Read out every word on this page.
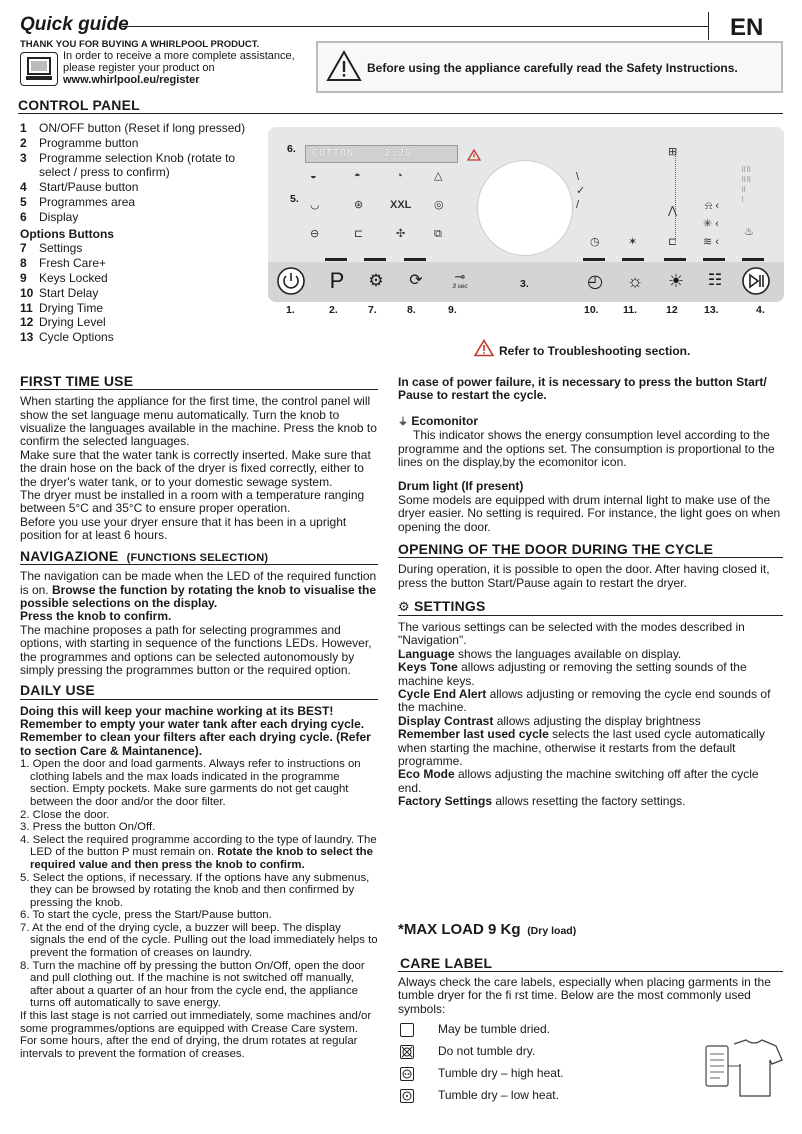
Quick guide	EN
THANK YOU FOR BUYING A WHIRLPOOL PRODUCT.
In order to receive a more complete assistance,
please register your product on
www.whirlpool.eu/register
Before using the appliance carefully read the Safety Instructions.
CONTROL PANEL
1	ON/OFF button (Reset if long pressed)
2	Programme button
3	Programme selection Knob (rotate to select / press to confirm)
4	Start/Pause button
5	Programmes area
6	Display
Options Buttons
7	Settings
8	Fresh Care+
9	Keys Locked
10 Start Delay
11 Drying Time
12 Drying Level
13 Cycle Options
6. COTTON	2:20
5.
◒	◓	◔	△
◡	⊛ XXL ◎
⊖	⊏	✣	⧉
\
✓
/
⊞
⋀
⊏
⍾ ‹
✳ ‹
≋ ‹
⠿⠿
⠿⠿
⠿
⠇
♨
◷	✶
P	⚙ ⟳ ⊸
3 sec	3.	◴ ☼ ☀ ☷
1.	2.	7.	8.	9.	10. 11.	12	13.	4.
Refer to Troubleshooting section.
FIRST TIME USE
When starting the appliance for the first time, the control panel will show the set language menu automatically. Turn the knob to visualize the languages available in the machine. Press the knob to confirm the selected languages.
Make sure that the water tank is correctly inserted. Make sure that the drain hose on the back of the dryer is fixed correctly, either to the dryer's water tank, or to your domestic sewage system.
The dryer must be installed in a room with a temperature ranging between 5°C and 35°C to ensure proper operation.
Before you use your dryer ensure that it has been in a upright position for at least 6 hours.
NAVIGAZIONE (FUNCTIONS SELECTION)
The navigation can be made when the LED of the required function is on. Browse the function by rotating the knob to visualise the possible selections on the display.
Press the knob to confirm.
The machine proposes a path for selecting programmes and options, with starting in sequence of the functions LEDs. However, the programmes and options can be selected autonomously by simply pressing the programmes button or the required option.
DAILY USE
Doing this will keep your machine working at its BEST! Remember to empty your water tank after each drying cycle. Remember to clean your filters after each drying cycle. (Refer to section Care & Maintanence).
1. Open the door and load garments. Always refer to instructions on clothing labels and the max loads indicated in the programme section. Empty pockets. Make sure garments do not get caught between the door and/or the door filter.
2. Close the door.
3. Press the button On/Off.
4. Select the required programme according to the type of laundry. The LED of the button P must remain on. Rotate the knob to select the required value and then press the knob to confirm.
5. Select the options, if necessary. If the options have any submenus, they can be browsed by rotating the knob and then confirmed by pressing the knob.
6. To start the cycle, press the Start/Pause button.
7. At the end of the drying cycle, a buzzer will beep. The display signals the end of the cycle. Pulling out the load immediately helps to prevent the formation of creases on laundry.
8. Turn the machine off by pressing the button On/Off, open the door and pull clothing out. If the machine is not switched off manually, after about a quarter of an hour from the cycle end, the appliance turns off automatically to save energy.
If this last stage is not carried out immediately, some machines and/or some programmes/options are equipped with Crease Care system. For some hours, after the end of drying, the drum rotates at regular intervals to prevent the formation of creases.
In case of power failure, it is necessary to press the button Start/ Pause to restart the cycle.
⏚ Ecomonitor
This indicator shows the energy consumption level according to the programme and the options set. The consumption is proportional to the lines on the display,by the ecomonitor icon.
Drum light (If present)
Some models are equipped with drum internal light to make use of the dryer easier. No setting is required. For instance, the light goes on when opening the door.
OPENING OF THE DOOR DURING THE CYCLE
During operation, it is possible to open the door. After having closed it, press the button Start/Pause again to restart the dryer.
⚙ SETTINGS
The various settings can be selected with the modes described in "Navigation".
Language shows the languages available on display.
Keys Tone allows adjusting or removing the setting sounds of the machine keys.
Cycle End Alert allows adjusting or removing the cycle end sounds of the machine.
Display Contrast allows adjusting the display brightness
Remember last used cycle selects the last used cycle automatically when starting the machine, otherwise it restarts from the default programme.
Eco Mode allows adjusting the machine switching off after the cycle end.
Factory Settings allows resetting the factory settings.
*MAX LOAD 9 Kg (Dry load)
CARE LABEL
Always check the care labels, especially when placing garments in the tumble dryer for the fi rst time. Below are the most commonly used symbols:
May be tumble dried.
Do not tumble dry.
Tumble dry – high heat.
Tumble dry – low heat.
